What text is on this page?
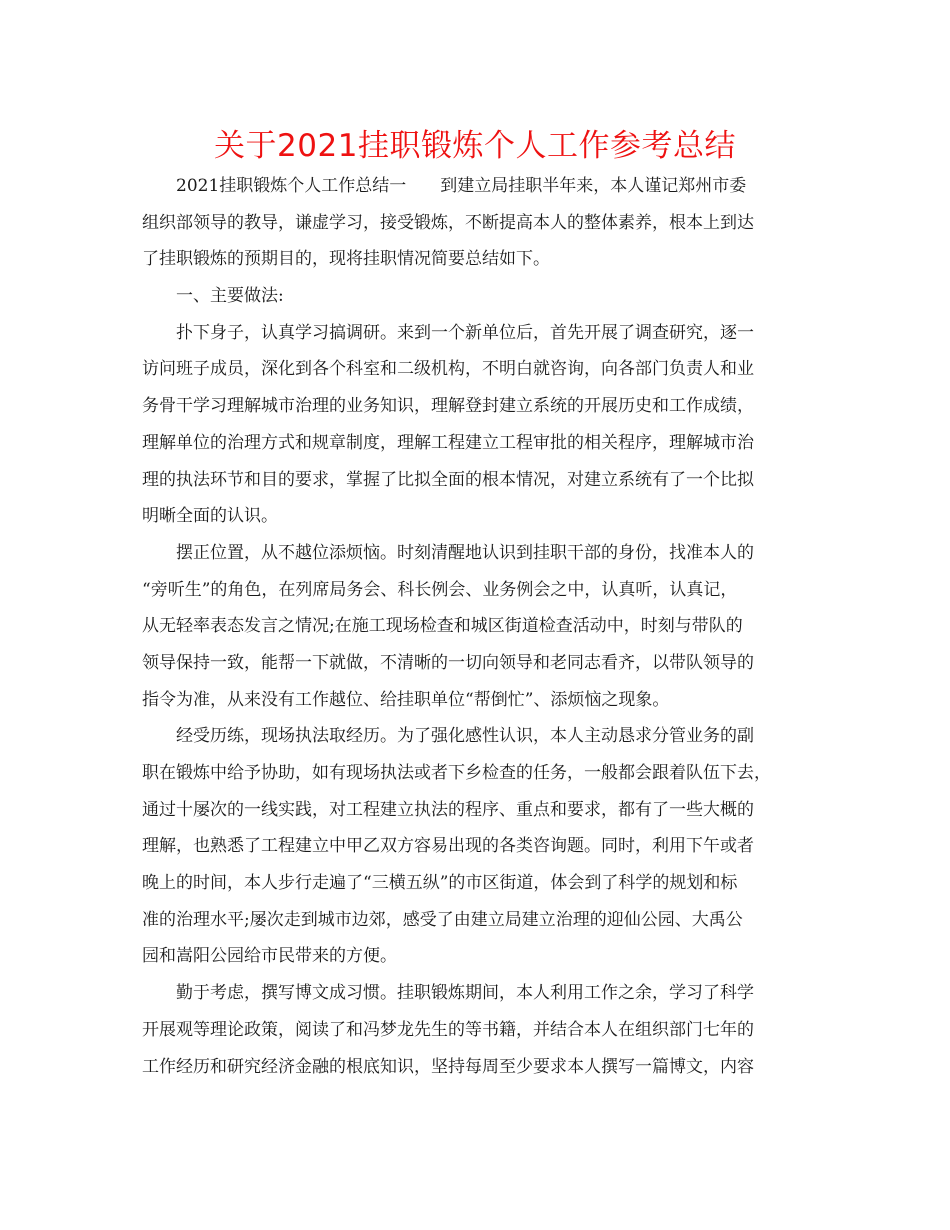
关于2021挂职锻炼个人工作参考总结
2021挂职锻炼个人工作总结一　　到建立局挂职半年来，本人谨记郑州市委
组织部领导的教导，谦虚学习，接受锻炼，不断提高本人的整体素养，根本上到达
了挂职锻炼的预期目的，现将挂职情况简要总结如下。
一、主要做法:
扑下身子，认真学习搞调研。来到一个新单位后，首先开展了调查研究，逐一
访问班子成员，深化到各个科室和二级机构，不明白就咨询，向各部门负责人和业
务骨干学习理解城市治理的业务知识，理解登封建立系统的开展历史和工作成绩，
理解单位的治理方式和规章制度，理解工程建立工程审批的相关程序，理解城市治
理的执法环节和目的要求，掌握了比拟全面的根本情况，对建立系统有了一个比拟
明晰全面的认识。
摆正位置，从不越位添烦恼。时刻清醒地认识到挂职干部的身份，找准本人的
“旁听生”的角色，在列席局务会、科长例会、业务例会之中，认真听，认真记，
从无轻率表态发言之情况;在施工现场检查和城区街道检查活动中，时刻与带队的
领导保持一致，能帮一下就做，不清晰的一切向领导和老同志看齐，以带队领导的
指令为准，从来没有工作越位、给挂职单位“帮倒忙”、添烦恼之现象。
经受历练，现场执法取经历。为了强化感性认识，本人主动恳求分管业务的副
职在锻炼中给予协助，如有现场执法或者下乡检查的任务，一般都会跟着队伍下去，
通过十屡次的一线实践，对工程建立执法的程序、重点和要求，都有了一些大概的
理解，也熟悉了工程建立中甲乙双方容易出现的各类咨询题。同时，利用下午或者
晚上的时间，本人步行走遍了“三横五纵”的市区街道，体会到了科学的规划和标
准的治理水平;屡次走到城市边郊，感受了由建立局建立治理的迎仙公园、大禹公
园和嵩阳公园给市民带来的方便。
勤于考虑，撰写博文成习惯。挂职锻炼期间，本人利用工作之余，学习了科学
开展观等理论政策，阅读了和冯梦龙先生的等书籍，并结合本人在组织部门七年的
工作经历和研究经济金融的根底知识，坚持每周至少要求本人撰写一篇博文，内容
